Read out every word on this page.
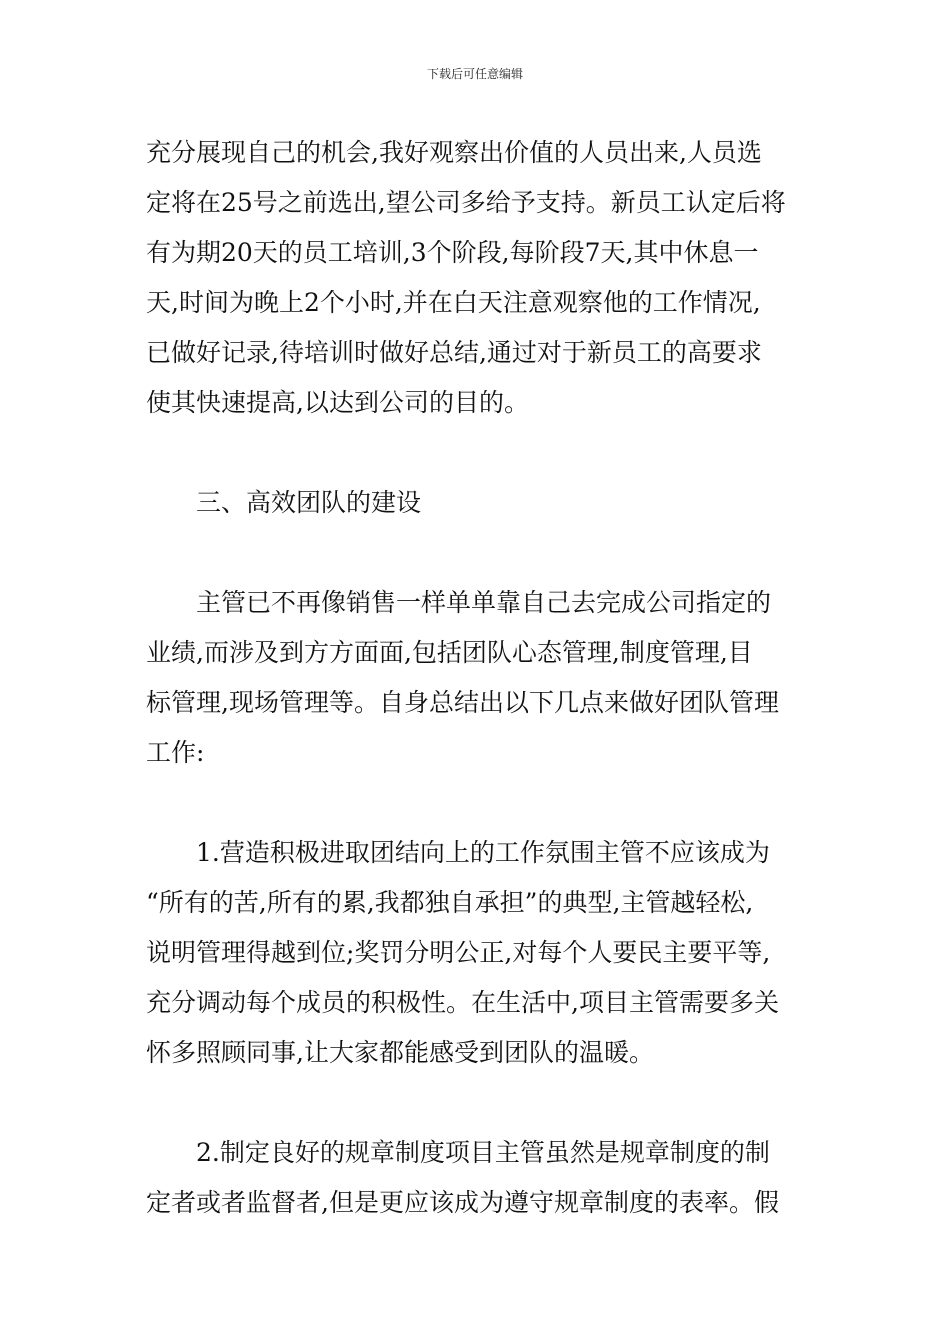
下载后可任意编辑
充分展现自己的机会,我好观察出价值的人员出来,人员选
定将在25号之前选出,望公司多给予支持。新员工认定后将
有为期20天的员工培训,3个阶段,每阶段7天,其中休息一
天,时间为晚上2个小时,并在白天注意观察他的工作情况,
已做好记录,待培训时做好总结,通过对于新员工的高要求
使其快速提高,以达到公司的目的。
三、高效团队的建设
主管已不再像销售一样单单靠自己去完成公司指定的
业绩,而涉及到方方面面,包括团队心态管理,制度管理,目
标管理,现场管理等。自身总结出以下几点来做好团队管理
工作:
1.营造积极进取团结向上的工作氛围主管不应该成为
“所有的苦,所有的累,我都独自承担”的典型,主管越轻松,
说明管理得越到位;奖罚分明公正,对每个人要民主要平等,
充分调动每个成员的积极性。在生活中,项目主管需要多关
怀多照顾同事,让大家都能感受到团队的温暖。
2.制定良好的规章制度项目主管虽然是规章制度的制
定者或者监督者,但是更应该成为遵守规章制度的表率。假
